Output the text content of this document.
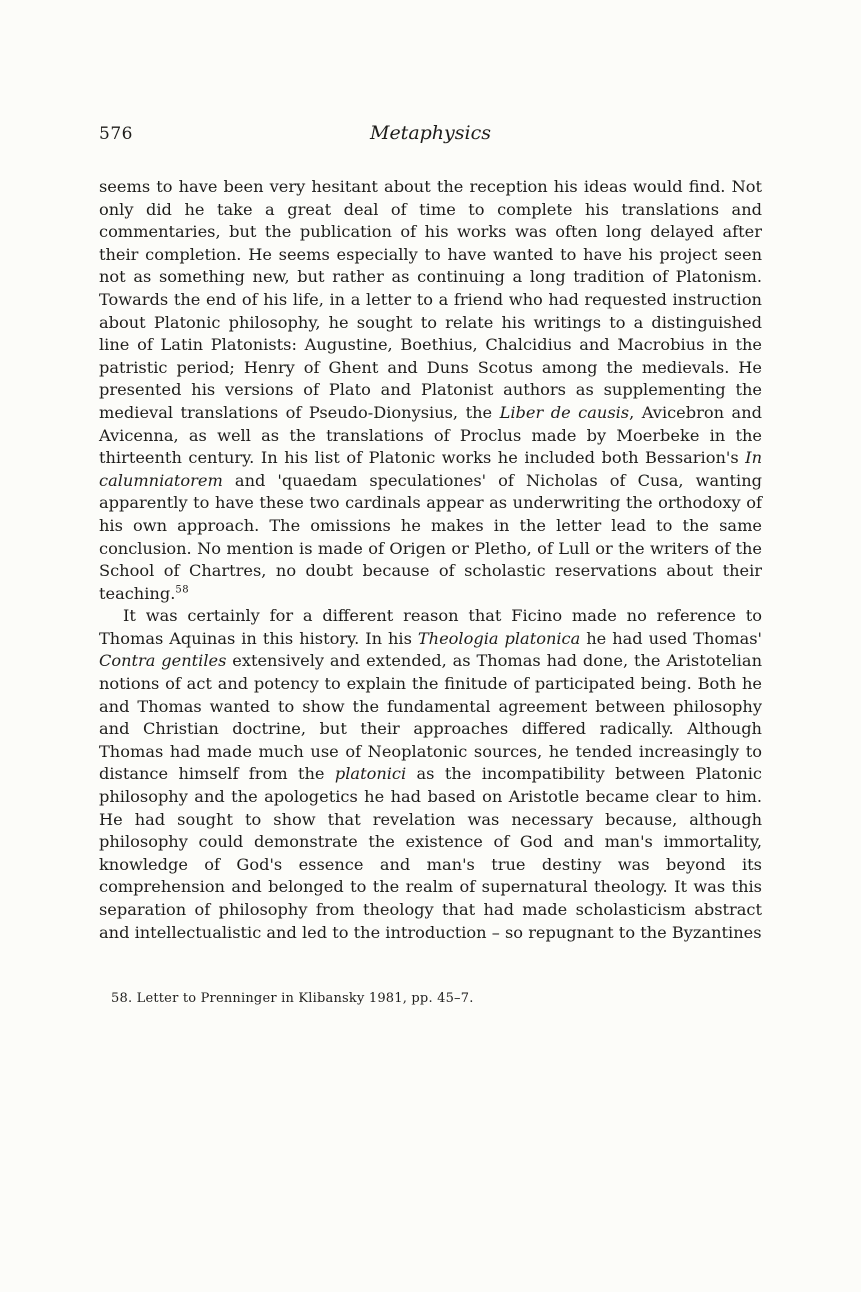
576	Metaphysics

seems to have been very hesitant about the reception his ideas would find. Not only did he take a great deal of time to complete his translations and commentaries, but the publication of his works was often long delayed after their completion. He seems especially to have wanted to have his project seen not as something new, but rather as continuing a long tradition of Platonism. Towards the end of his life, in a letter to a friend who had requested instruction about Platonic philosophy, he sought to relate his writings to a distinguished line of Latin Platonists: Augustine, Boethius, Chalcidius and Macrobius in the patristic period; Henry of Ghent and Duns Scotus among the medievals. He presented his versions of Plato and Platonist authors as supplementing the medieval translations of Pseudo-Dionysius, the Liber de causis, Avicebron and Avicenna, as well as the translations of Proclus made by Moerbeke in the thirteenth century. In his list of Platonic works he included both Bessarion's In calumniatorem and 'quaedam speculationes' of Nicholas of Cusa, wanting apparently to have these two cardinals appear as underwriting the orthodoxy of his own approach. The omissions he makes in the letter lead to the same conclusion. No mention is made of Origen or Pletho, of Lull or the writers of the School of Chartres, no doubt because of scholastic reservations about their teaching.$^{58}$

It was certainly for a different reason that Ficino made no reference to Thomas Aquinas in this history. In his Theologia platonica he had used Thomas' Contra gentiles extensively and extended, as Thomas had done, the Aristotelian notions of act and potency to explain the finitude of participated being. Both he and Thomas wanted to show the fundamental agreement between philosophy and Christian doctrine, but their approaches differed radically. Although Thomas had made much use of Neoplatonic sources, he tended increasingly to distance himself from the platonici as the incompatibility between Platonic philosophy and the apologetics he had based on Aristotle became clear to him. He had sought to show that revelation was necessary because, although philosophy could demonstrate the existence of God and man's immortality, knowledge of God's essence and man's true destiny was beyond its comprehension and belonged to the realm of supernatural theology. It was this separation of philosophy from theology that had made scholasticism abstract and intellectualistic and led to the introduction – so repugnant to the Byzantines

58. Letter to Prenninger in Klibansky 1981, pp. 45–7.
